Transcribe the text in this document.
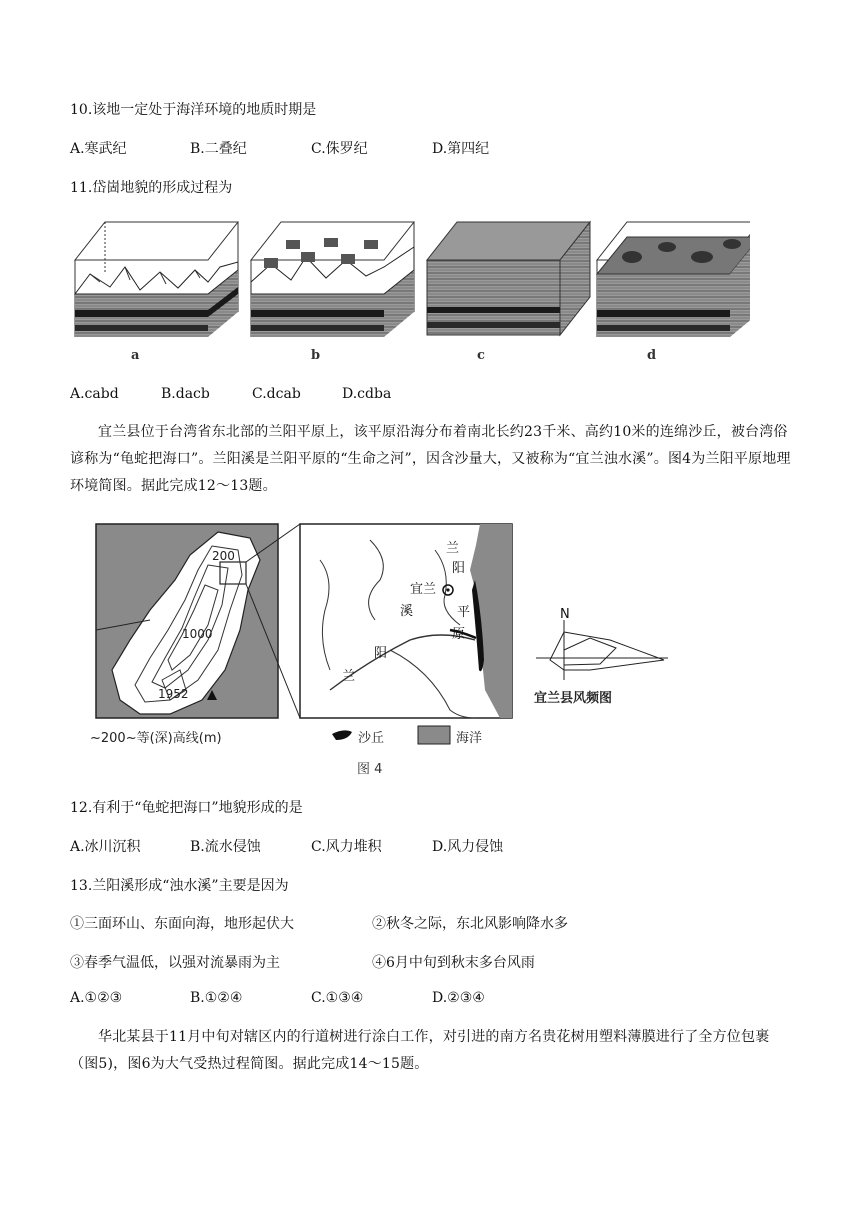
10.该地一定处于海洋环境的地质时期是
A.寒武纪	B.二叠纪	C.侏罗纪	D.第四纪
11.岱崮地貌的形成过程为
a	b	c	d
A.cabd	B.dacb	C.dcab	D.cdba
宜兰县位于台湾省东北部的兰阳平原上，该平原沿海分布着南北长约23千米、高约10米的连绵沙丘，被台湾俗谚称为“龟蛇把海口”。兰阳溪是兰阳平原的“生命之河”，因含沙量大，又被称为“宜兰浊水溪”。图4为兰阳平原地理环境简图。据此完成12～13题。
200
1000
1952
~200~等(深)高线(m)
宜兰
兰
阳
溪	平
原
阳
兰
N
宜兰县风频图
沙丘	海洋
图 4
12.有利于“龟蛇把海口”地貌形成的是
A.冰川沉积	B.流水侵蚀	C.风力堆积	D.风力侵蚀
13.兰阳溪形成“浊水溪”主要是因为
①三面环山、东面向海，地形起伏大	②秋冬之际，东北风影响降水多
③春季气温低，以强对流暴雨为主	④6月中旬到秋末多台风雨
A.①②③	B.①②④	C.①③④	D.②③④
华北某县于11月中旬对辖区内的行道树进行涂白工作，对引进的南方名贵花树用塑料薄膜进行了全方位包裹（图5)，图6为大气受热过程简图。据此完成14～15题。
